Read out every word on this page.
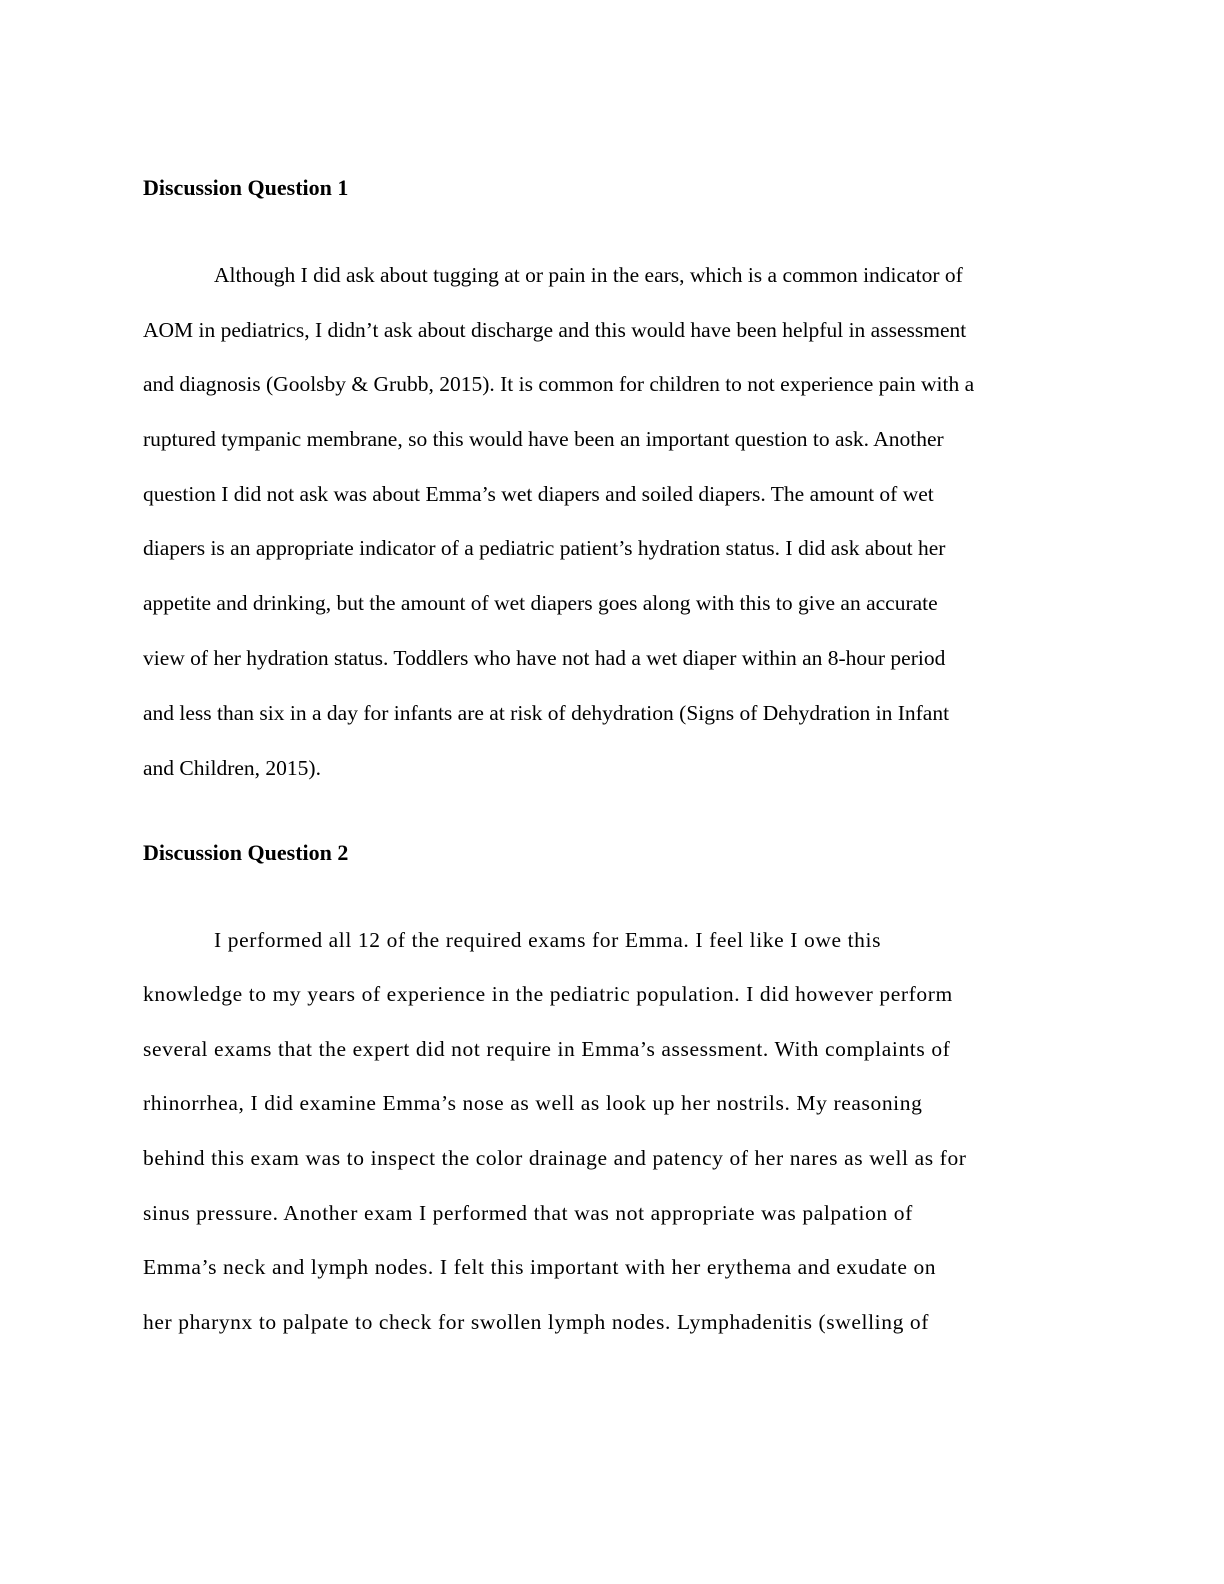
Discussion Question 1
Although I did ask about tugging at or pain in the ears, which is a common indicator of
AOM in pediatrics, I didn’t ask about discharge and this would have been helpful in assessment
and diagnosis (Goolsby & Grubb, 2015). It is common for children to not experience pain with a
ruptured tympanic membrane, so this would have been an important question to ask. Another
question I did not ask was about Emma’s wet diapers and soiled diapers. The amount of wet
diapers is an appropriate indicator of a pediatric patient’s hydration status. I did ask about her
appetite and drinking, but the amount of wet diapers goes along with this to give an accurate
view of her hydration status. Toddlers who have not had a wet diaper within an 8-hour period
and less than six in a day for infants are at risk of dehydration (Signs of Dehydration in Infant
and Children, 2015).
Discussion Question 2
I performed all 12 of the required exams for Emma. I feel like I owe this
knowledge to my years of experience in the pediatric population. I did however perform
several exams that the expert did not require in Emma’s assessment. With complaints of
rhinorrhea, I did examine Emma’s nose as well as look up her nostrils. My reasoning
behind this exam was to inspect the color drainage and patency of her nares as well as for
sinus pressure. Another exam I performed that was not appropriate was palpation of
Emma’s neck and lymph nodes. I felt this important with her erythema and exudate on
her pharynx to palpate to check for swollen lymph nodes. Lymphadenitis (swelling of
